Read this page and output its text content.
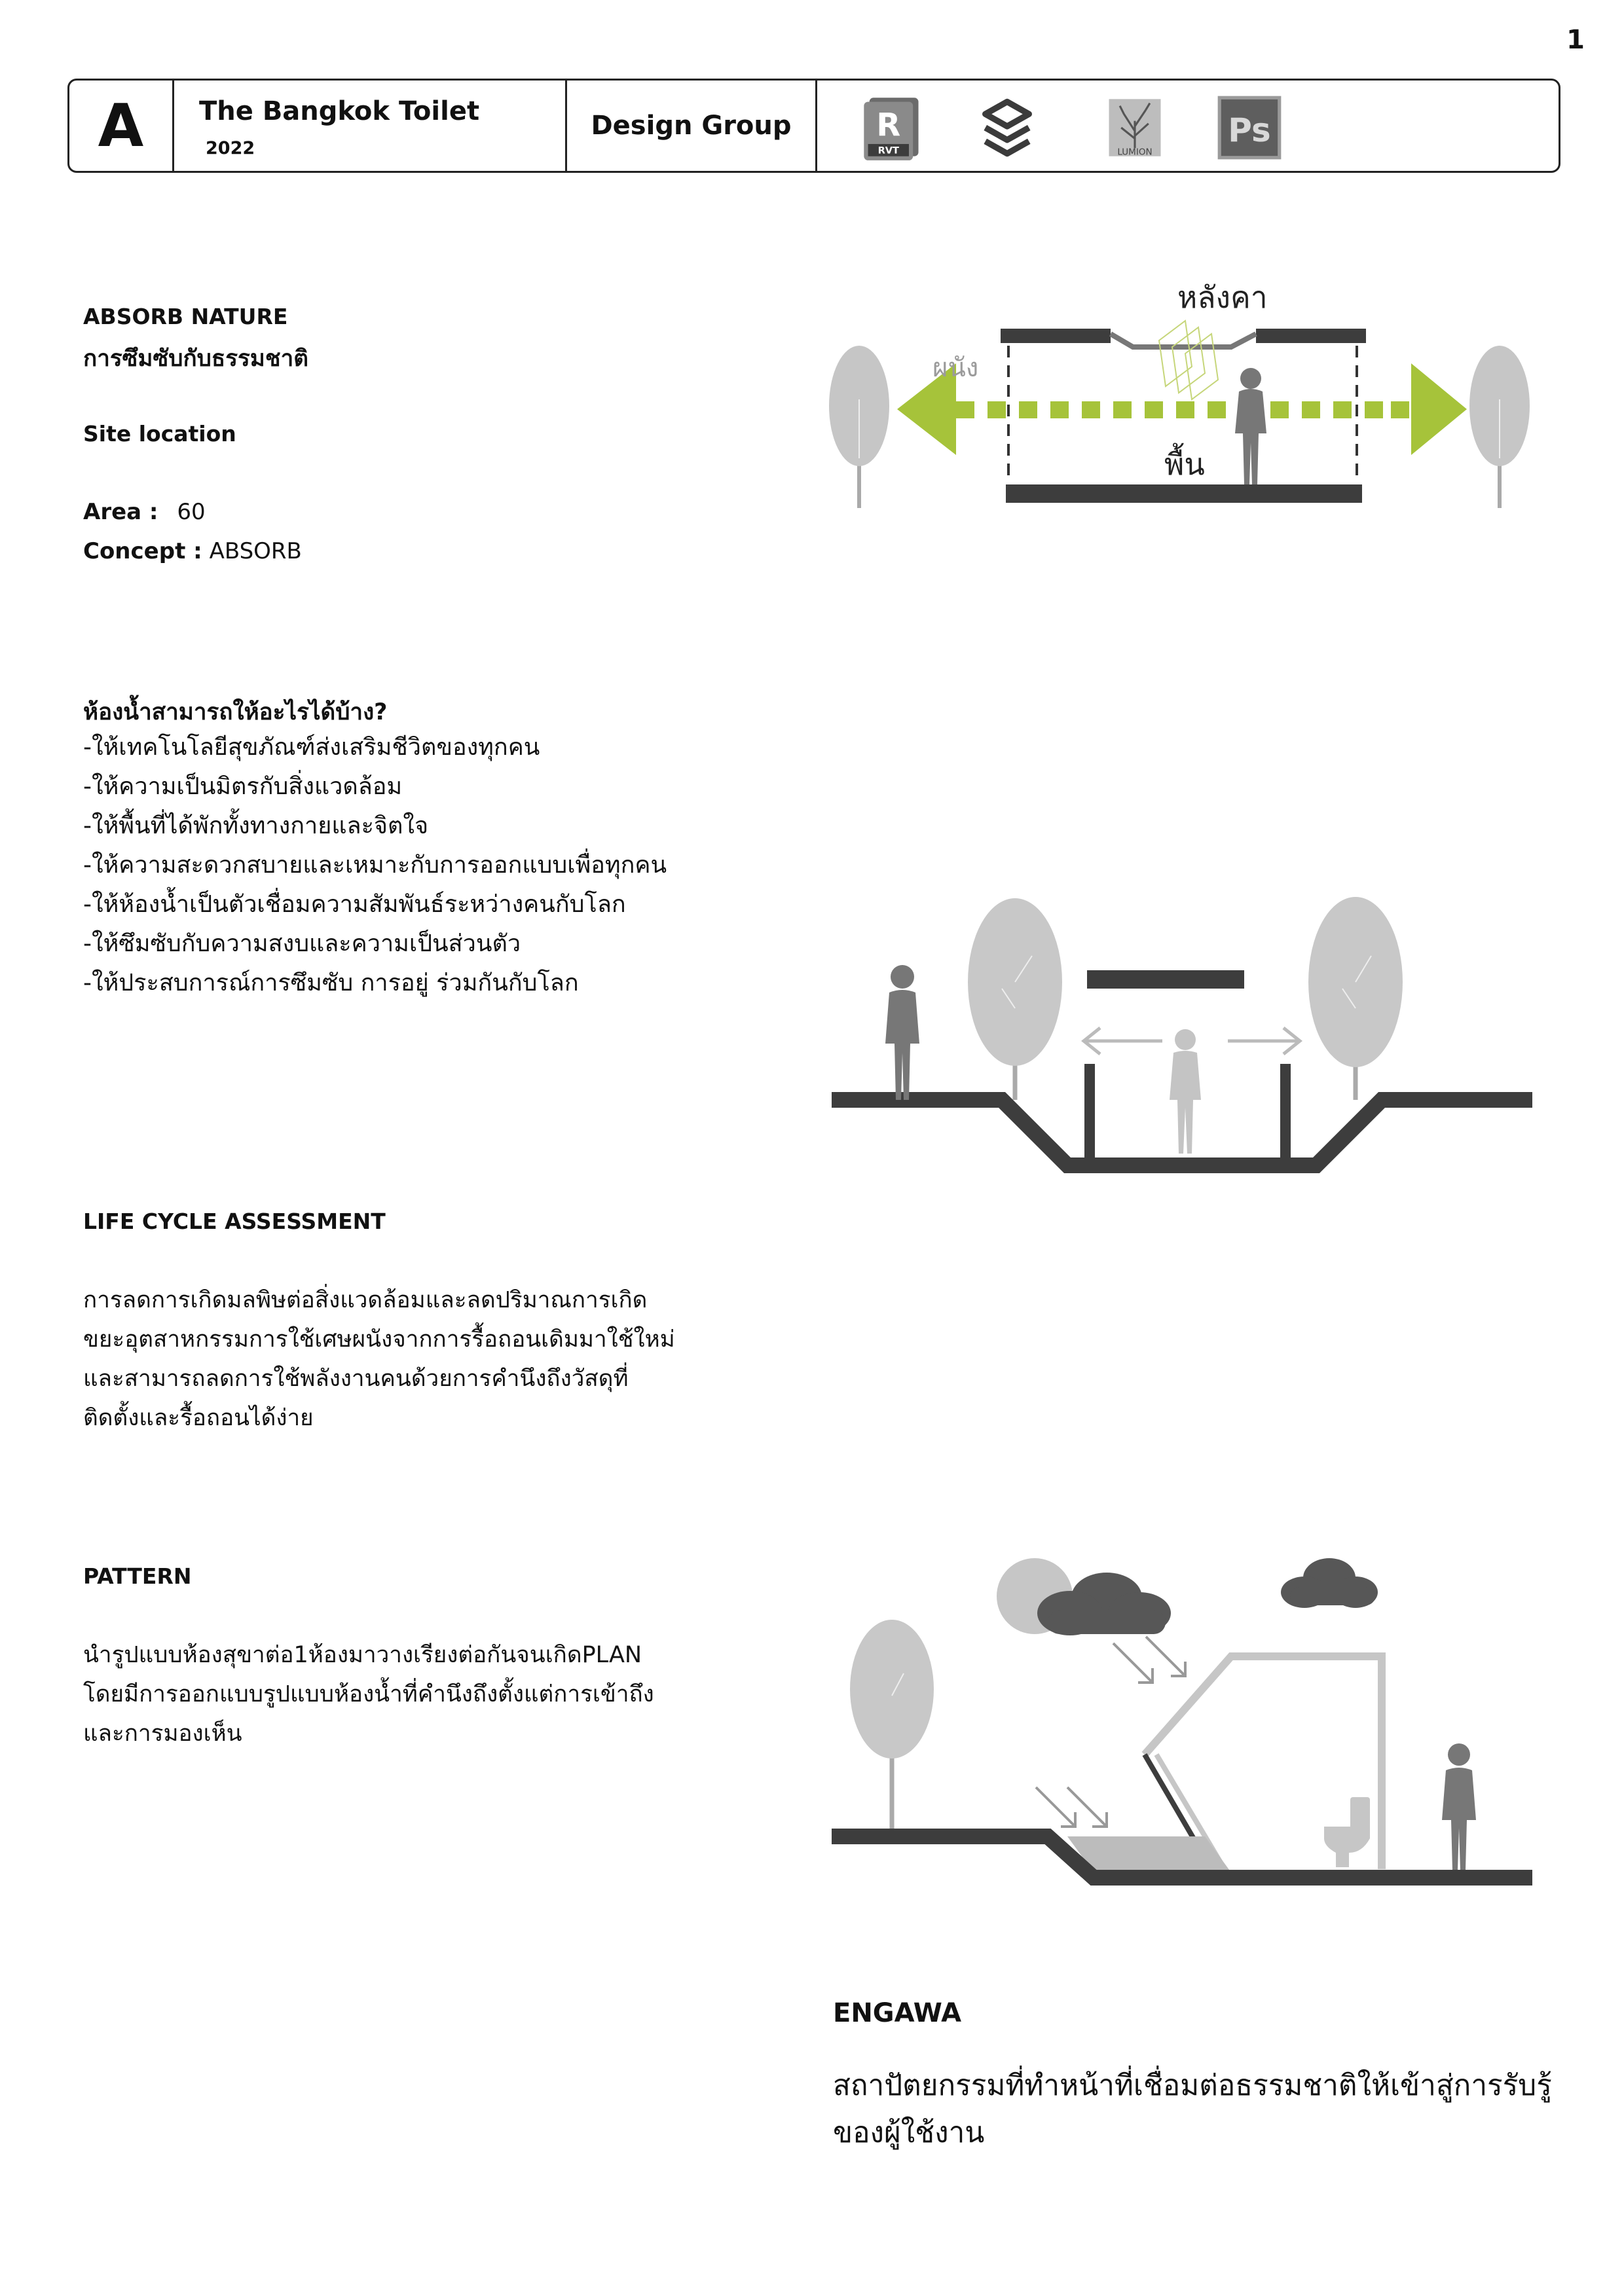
1
A	The Bangkok Toilet
2022
Design Group	R
RVT	LUMION
Ps
ABSORB NATURE
การซึมซับกับธรรมชาติ
Site location
Area : 60
Concept : ABSORB
ห้องน้ำสามารถให้อะไรได้บ้าง?
-ให้เทคโนโลยีสุขภัณฑ์ส่งเสริมชีวิตของทุกคน
-ให้ความเป็นมิตรกับสิ่งแวดล้อม
-ให้พื้นที่ได้พักทั้งทางกายและจิตใจ
-ให้ความสะดวกสบายและเหมาะกับการออกแบบเพื่อทุกคน
-ให้ห้องน้ำเป็นตัวเชื่อมความสัมพันธ์ระหว่างคนกับโลก
-ให้ซึมซับกับความสงบและความเป็นส่วนตัว
-ให้ประสบการณ์การซึมซับ การอยู่ ร่วมกันกับโลก
LIFE CYCLE ASSESSMENT
การลดการเกิดมลพิษต่อสิ่งแวดล้อมและลดปริมาณการเกิด
ขยะอุตสาหกรรมการใช้เศษผนังจากการรื้อถอนเดิมมาใช้ใหม่
และสามารถลดการใช้พลังงานคนด้วยการคำนึงถึงวัสดุที่
ติดตั้งและรื้อถอนได้ง่าย
PATTERN
นำรูปแบบห้องสุขาต่อ1ห้องมาวางเรียงต่อกันจนเกิดPLAN
โดยมีการออกแบบรูปแบบห้องน้ำที่คำนึงถึงตั้งแต่การเข้าถึง
และการมองเห็น
ENGAWA
สถาปัตยกรรมที่ทำหน้าที่เชื่อมต่อธรรมชาติให้เข้าสู่การรับรู้
ของผู้ใช้งาน
หลังคา
ผนัง
พื้น
